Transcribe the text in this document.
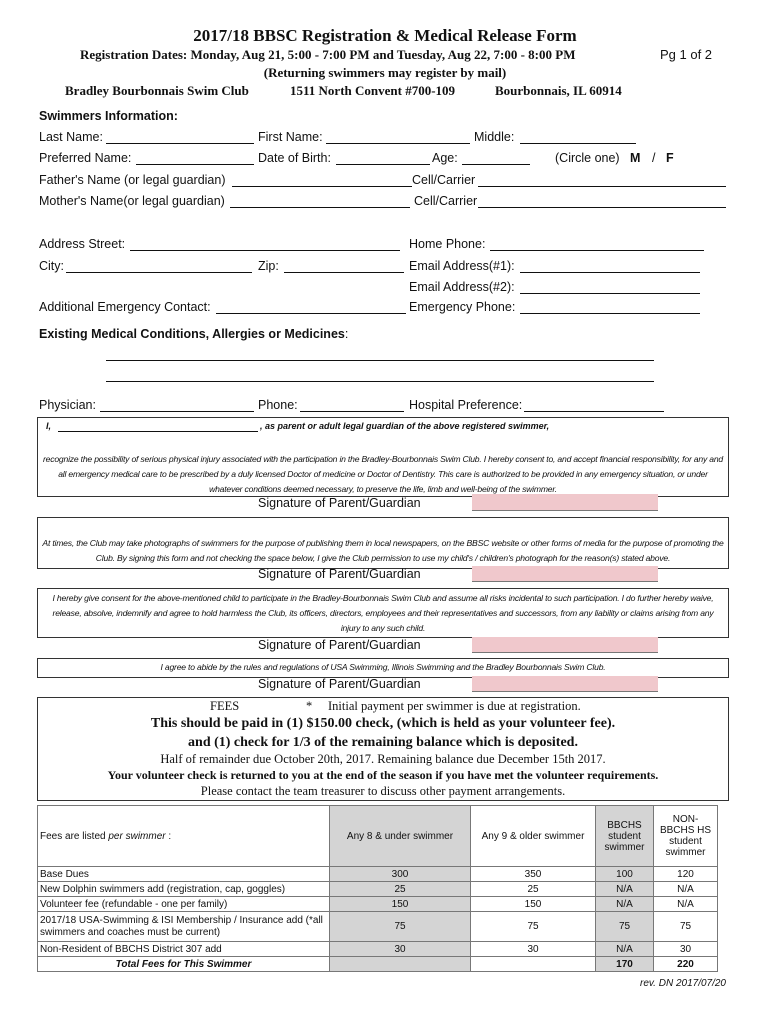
2017/18 BBSC Registration & Medical Release Form
Registration Dates: Monday, Aug 21, 5:00 - 7:00 PM and Tuesday, Aug 22, 7:00 - 8:00 PM	Pg 1 of 2
(Returning swimmers may register by mail)
Bradley Bourbonnais Swim Club	1511 North Convent #700-109	Bourbonnais, IL 60914
Swimmers Information:
Last Name:	First Name:	Middle:
Preferred Name:	Date of Birth:	Age:	(Circle one) M / F
Father's Name (or legal guardian)	Cell/Carrier
Mother's Name(or legal guardian)	Cell/Carrier
Address Street:	Home Phone:
City:	Zip:	Email Address(#1):
Email Address(#2):
Additional Emergency Contact:	Emergency Phone:
Existing Medical Conditions, Allergies or Medicines:
Physician:	Phone:	Hospital Preference:
I,	, as parent or adult legal guardian of the above registered swimmer,
recognize the possibility of serious physical injury associated with the participation in the Bradley-Bourbonnais Swim Club. I hereby consent to, and accept financial responsibility, for any and all emergency medical care to be prescribed by a duly licensed Doctor of medicine or Doctor of Dentistry. This care is authorized to be provided in any emergency situation, or under whatever conditions deemed necessary, to preserve the life, limb and well-being of the swimmer.
Signature of Parent/Guardian
At times, the Club may take photographs of swimmers for the purpose of publishing them in local newspapers, on the BBSC website or other forms of media for the purpose of promoting the Club. By signing this form and not checking the space below, I give the Club permission to use my child's / children's photograph for the reason(s) stated above.
Signature of Parent/Guardian
I hereby give consent for the above-mentioned child to participate in the Bradley-Bourbonnais Swim Club and assume all risks incidental to such participation. I do further hereby waive, release, absolve, indemnify and agree to hold harmless the Club, its officers, directors, employees and their representatives and successors, from any liability or claims arising from any injury to any such child.
Signature of Parent/Guardian
I agree to abide by the rules and regulations of USA Swimming, Illinois Swimming and the Bradley Bourbonnais Swim Club.
Signature of Parent/Guardian
FEES	* Initial payment per swimmer is due at registration.
This should be paid in (1) $150.00 check, (which is held as your volunteer fee).
and (1) check for 1/3 of the remaining balance which is deposited.
Half of remainder due October 20th, 2017. Remaining balance due December 15th 2017.
Your volunteer check is returned to you at the end of the season if you have met the volunteer requirements.
Please contact the team treasurer to discuss other payment arrangements.
Fees are listed per swimmer :	Any 8 & under swimmer	Any 9 & older swimmer	BBCHS student swimmer	NON-BBCHS HS student swimmer
Base Dues	300	350	100	120
New Dolphin swimmers add (registration, cap, goggles)	25	25	N/A	N/A
Volunteer fee (refundable - one per family)	150	150	N/A	N/A
2017/18 USA-Swimming & ISI Membership / Insurance add (*all swimmers and coaches must be current)	75	75	75	75
Non-Resident of BBCHS District 307 add	30	30	N/A	30
Total Fees for This Swimmer			170	220
rev. DN 2017/07/20
